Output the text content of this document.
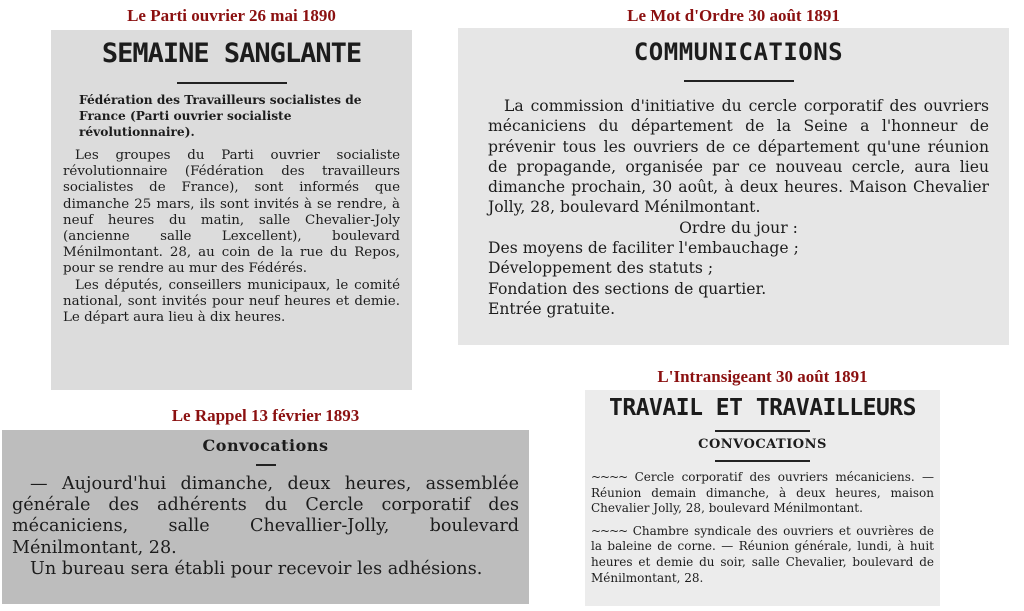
Le Parti ouvrier 26 mai 1890	Le Mot d'Ordre 30 août 1891
Le Rappel 13 février 1893
L'Intransigeant 30 août 1891
SEMAINE SANGLANTE
Fédération des Travailleurs socialistes de France (Parti ouvrier socialiste révolutionnaire).

Les groupes du Parti ouvrier socialiste révolutionnaire (Fédération des travailleurs socialistes de France), sont informés que dimanche 25 mars, ils sont invités à se rendre, à neuf heures du matin, salle Chevalier-Joly (ancienne salle Lexcellent), boulevard Ménilmontant. 28, au coin de la rue du Repos, pour se rendre au mur des Fédérés.

Les députés, conseillers municipaux, le comité national, sont invités pour neuf heures et demie. Le départ aura lieu à dix heures.

COMMUNICATIONS

La commission d'initiative du cercle corporatif des ouvriers mécaniciens du département de la Seine a l'honneur de prévenir tous les ouvriers de ce département qu'une réunion de propagande, organisée par ce nouveau cercle, aura lieu dimanche prochain, 30 août, à deux heures. Maison Chevalier Jolly, 28, boulevard Ménilmontant.

Ordre du jour :

Des moyens de faciliter l'embauchage ;

Développement des statuts ;

Fondation des sections de quartier.

Entrée gratuite.

Convocations

— Aujourd'hui dimanche, deux heures, assemblée générale des adhérents du Cercle corporatif des mécaniciens, salle Chevallier-Jolly, boulevard Ménilmontant, 28.

Un bureau sera établi pour recevoir les adhésions.

TRAVAIL ET TRAVAILLEURS
CONVOCATIONS

~~~~ Cercle corporatif des ouvriers mécaniciens. — Réunion demain dimanche, à deux heures, maison Chevalier Jolly, 28, boulevard Ménilmontant.

~~~~ Chambre syndicale des ouvriers et ouvrières de la baleine de corne. — Réunion générale, lundi, à huit heures et demie du soir, salle Chevalier, boulevard de Ménilmontant, 28.
